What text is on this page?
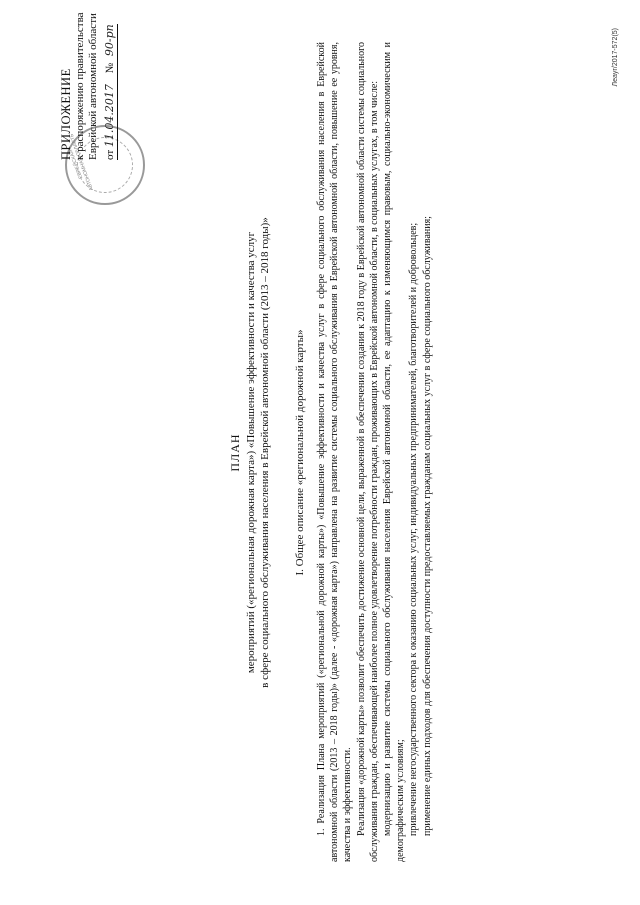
ЕВРЕЙСКАЯ АВТОНОМНАЯ ОБЛАСТЬ
ПРИЛОЖЕНИЕ к распоряжению правительства Еврейской автономной области от 11.04.2017 № 90-рп
ПЛАН мероприятий («региональная дорожная карта») «Повышение эффективности и качества услуг в сфере социального обслуживания населения в Еврейской автономной области (2013 – 2018 годы)» I. Общее описание «региональной дорожной карты» 1. Реализация Плана мероприятий («региональной дорожной карты») «Повышение эффективности и качества услуг в сфере социального обслуживания населения в Еврейской автономной области (2013 – 2018 годы)» (далее - «дорожная карта») направлена на развитие системы социального обслуживания в Еврейской автономной области, повышение ее уровня, качества и эффективности. Реализация «дорожной карты» позволит обеспечить достижение основной цели, выраженной в обеспечении создания к 2018 году в Еврейской автономной области системы социального обслуживания граждан, обеспечивающей наиболее полное удовлетворение потребности граждан, проживающих в Еврейской автономной области, в социальных услугах, в том числе: модернизацию и развитие системы социального обслуживания населения Еврейской автономной области, ее адаптацию к изменяющимся правовым, социально-экономическим и демографическим условиям; привлечение негосударственного сектора к оказанию социальных услуг, индивидуальных предпринимателей, благотворителей и добровольцев; применение единых подходов для обеспечения доступности предоставляемых гражданам социальных услуг в сфере социального обслуживания;

Леауг/2017-572(5)
